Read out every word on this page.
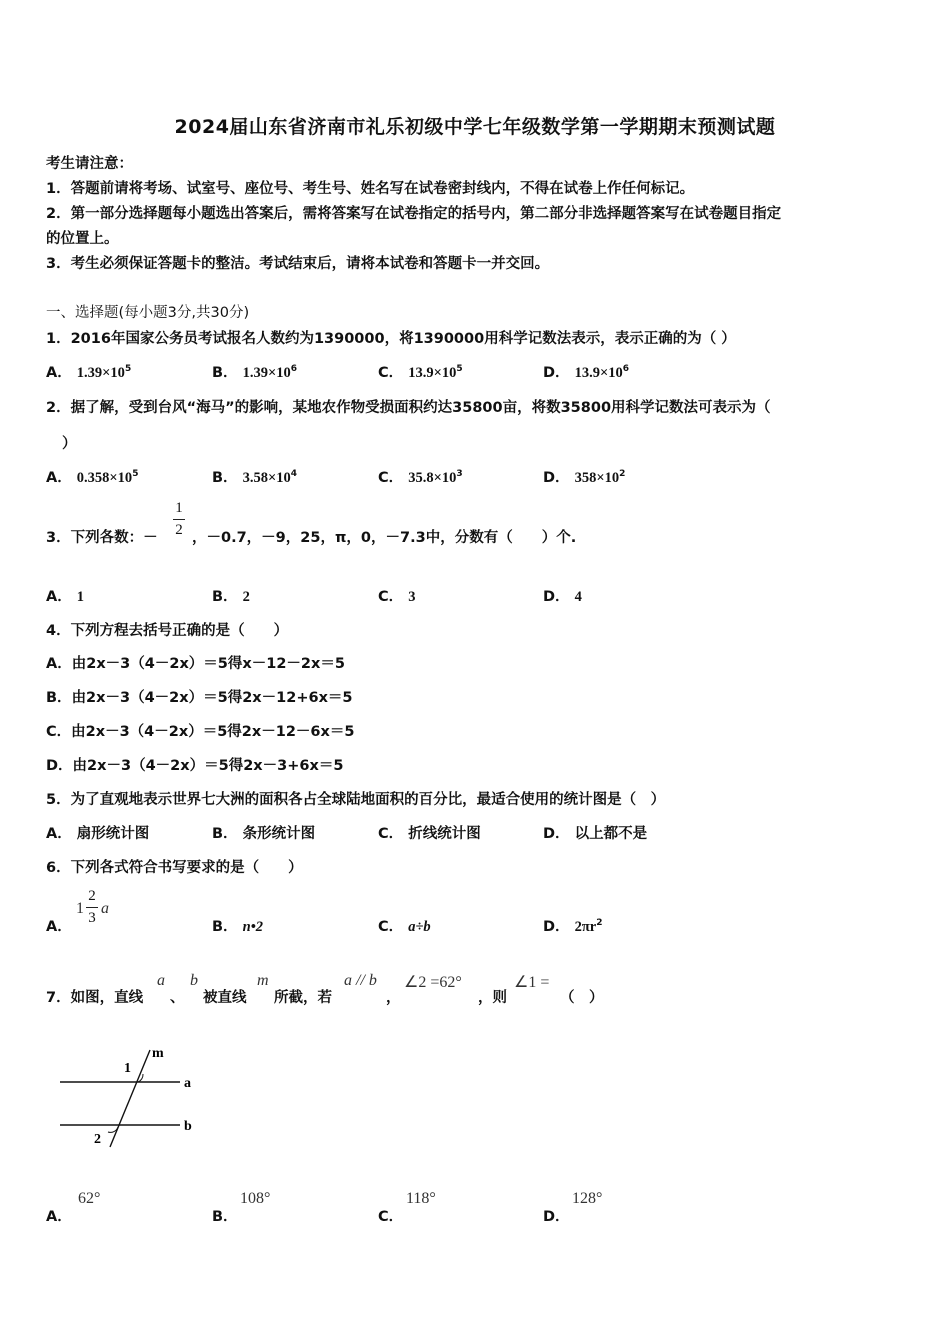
2024届山东省济南市礼乐初级中学七年级数学第一学期期末预测试题
考生请注意：
1．答题前请将考场、试室号、座位号、考生号、姓名写在试卷密封线内，不得在试卷上作任何标记。
2．第一部分选择题每小题选出答案后，需将答案写在试卷指定的括号内，第二部分非选择题答案写在试卷题目指定
的位置上。
3．考生必须保证答题卡的整洁。考试结束后，请将本试卷和答题卡一并交回。
一、选择题(每小题3分,共30分)
1．2016年国家公务员考试报名人数约为1390000，将1390000用科学记数法表示，表示正确的为（ ）
A． $1.39\times 10^5$	B． $1.39\times 10^6$	C． $13.9\times 10^5$	D． $13.9\times 10^6$
2．据了解，受到台风“海马”的影响，某地农作物受损面积约达35800亩，将数35800用科学记数法可表示为（
）
A． $0.358\times 10^5$	B． $3.58\times 10^4$	C． $35.8\times 10^3$	D． $358\times 10^2$
3．下列各数：－
1
2 ，－0.7，－9，25，π，0，－7.3中，分数有（　　）个.
A． 1	B． 2	C． 3	D． 4
4．下列方程去括号正确的是（　　）
A．由2x－3（4－2x）＝5得x－12－2x＝5
B．由2x－3（4－2x）＝5得2x－12+6x＝5
C．由2x－3（4－2x）＝5得2x－12－6x＝5
D．由2x－3（4－2x）＝5得2x－3+6x＝5
5．为了直观地表示世界七大洲的面积各占全球陆地面积的百分比，最适合使用的统计图是（　）
A． 扇形统计图	B． 条形统计图	C． 折线统计图	D． 以上都不是
6．下列各式符合书写要求的是（　　）
A．
1
2
3
a
B． n•2	C． a÷b	D． $2\pi r^2$
7．如图，直线
a
、
b
被直线
m
所截，若
a // b
，
∠2 =62°
，则
∠1 =
（　）
1
2
m
a
b
A．
62°
B．
108°
C．
118°
D．
128°
